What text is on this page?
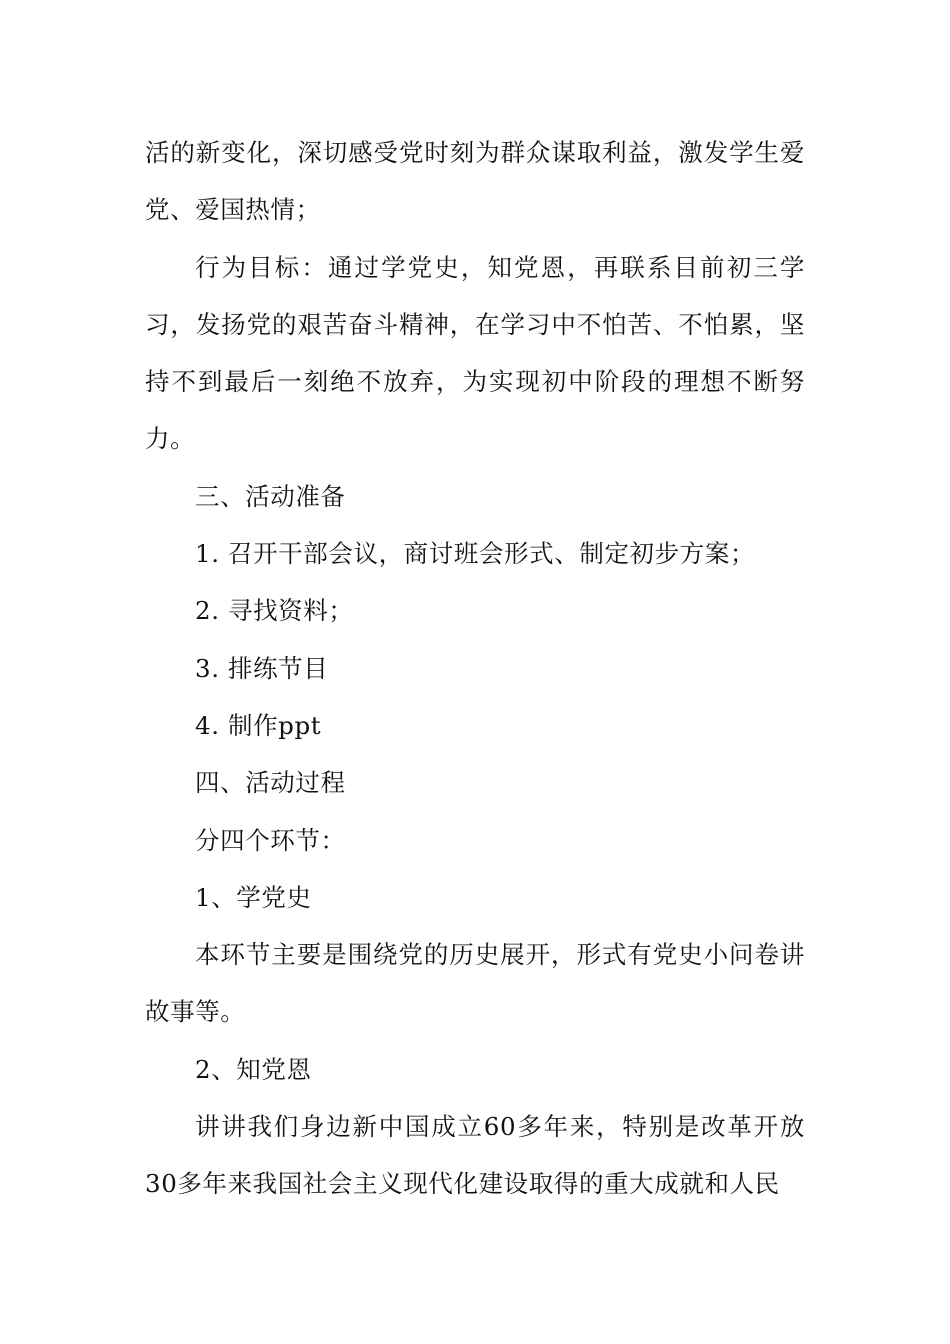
活的新变化，深切感受党时刻为群众谋取利益，激发学生爱党、爱国热情；

行为目标：通过学党史，知党恩，再联系目前初三学习，发扬党的艰苦奋斗精神，在学习中不怕苦、不怕累，坚持不到最后一刻绝不放弃，为实现初中阶段的理想不断努力。

三、活动准备

1. 召开干部会议，商讨班会形式、制定初步方案；

2. 寻找资料；

3. 排练节目

4. 制作ppt

四、活动过程

分四个环节：

1、学党史

本环节主要是围绕党的历史展开，形式有党史小问卷讲故事等。

2、知党恩

讲讲我们身边新中国成立60多年来，特别是改革开放30多年来我国社会主义现代化建设取得的重大成就和人民
